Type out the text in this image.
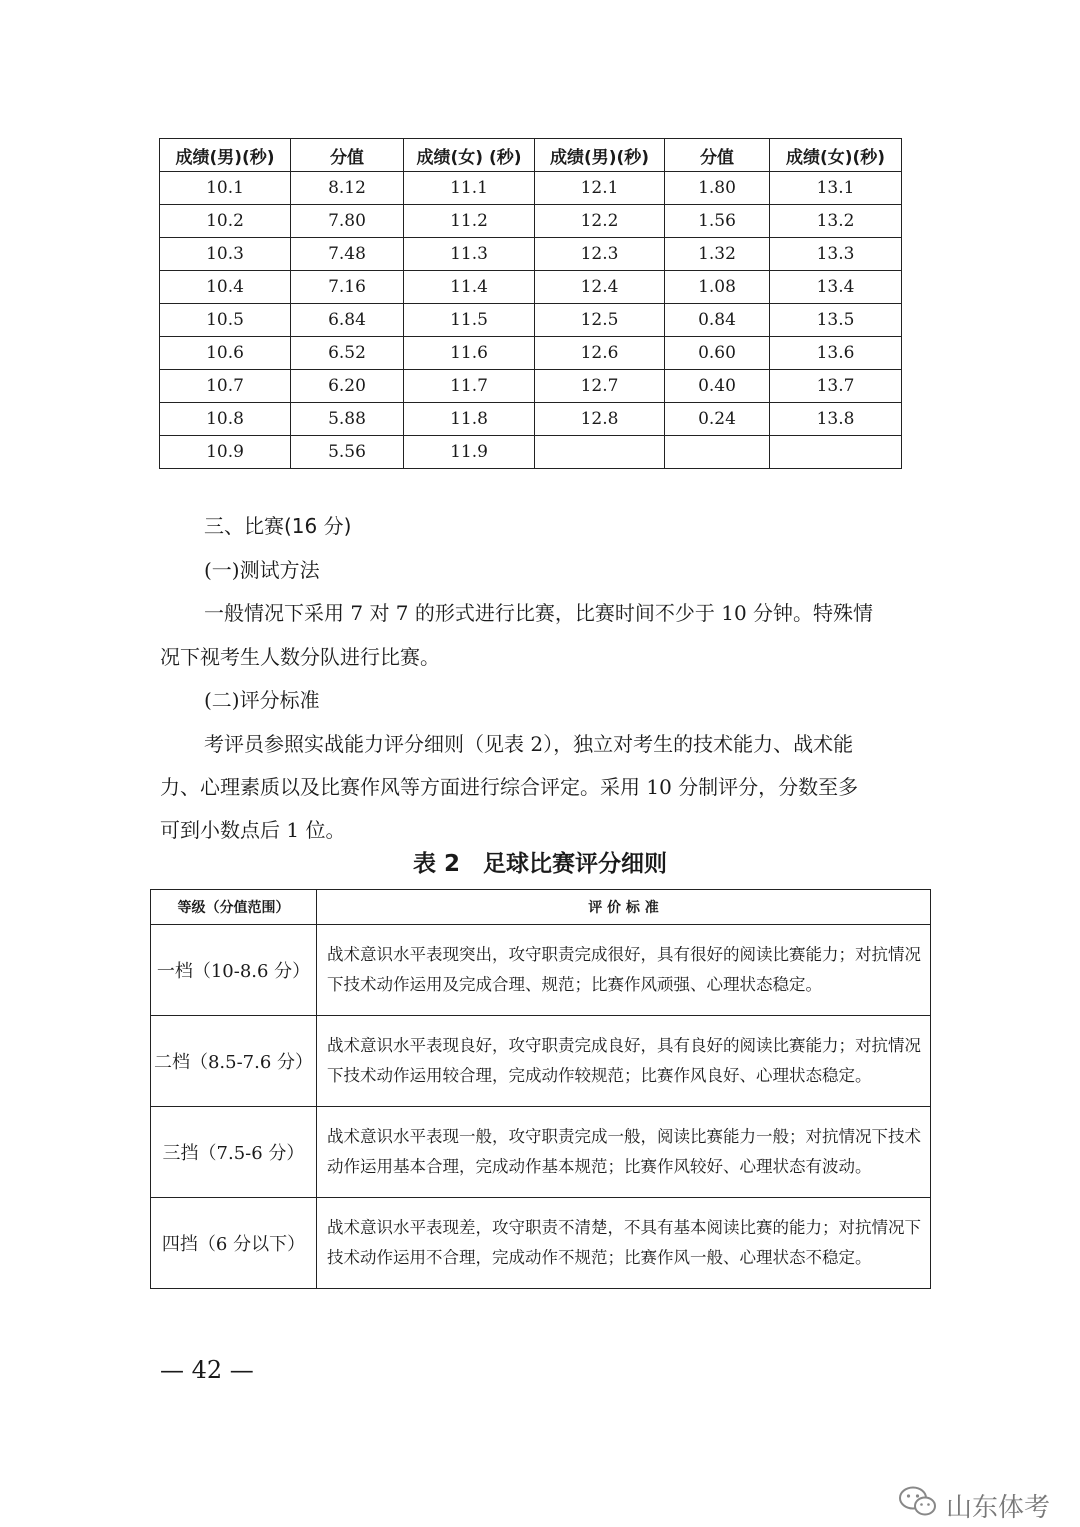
成绩(男)(秒)	分值	成绩(女) (秒)	成绩(男)(秒)	分值	成绩(女)(秒)
10.1	8.12	11.1	12.1	1.80	13.1
10.2	7.80	11.2	12.2	1.56	13.2
10.3	7.48	11.3	12.3	1.32	13.3
10.4	7.16	11.4	12.4	1.08	13.4
10.5	6.84	11.5	12.5	0.84	13.5
10.6	6.52	11.6	12.6	0.60	13.6
10.7	6.20	11.7	12.7	0.40	13.7
10.8	5.88	11.8	12.8	0.24	13.8
10.9	5.56	11.9			
三、比赛(16 分)
(一)测试方法
一般情况下采用 7 对 7 的形式进行比赛，比赛时间不少于 10 分钟。特殊情
况下视考生人数分队进行比赛。
(二)评分标准
考评员参照实战能力评分细则（见表 2），独立对考生的技术能力、战术能
力、心理素质以及比赛作风等方面进行综合评定。采用 10 分制评分，分数至多
可到小数点后 1 位。
表 2　足球比赛评分细则
等级（分值范围）	评 价 标 准
一档（10-8.6 分）	战术意识水平表现突出，攻守职责完成很好，具有很好的阅读比赛能力；对抗情况下技术动作运用及完成合理、规范；比赛作风顽强、心理状态稳定。
二档（8.5-7.6 分）	战术意识水平表现良好，攻守职责完成良好，具有良好的阅读比赛能力；对抗情况下技术动作运用较合理，完成动作较规范；比赛作风良好、心理状态稳定。
三挡（7.5-6 分）	战术意识水平表现一般，攻守职责完成一般，阅读比赛能力一般；对抗情况下技术动作运用基本合理，完成动作基本规范；比赛作风较好、心理状态有波动。
四挡（6 分以下）	战术意识水平表现差，攻守职责不清楚，不具有基本阅读比赛的能力；对抗情况下技术动作运用不合理，完成动作不规范；比赛作风一般、心理状态不稳定。
— 42 —
山东体考
